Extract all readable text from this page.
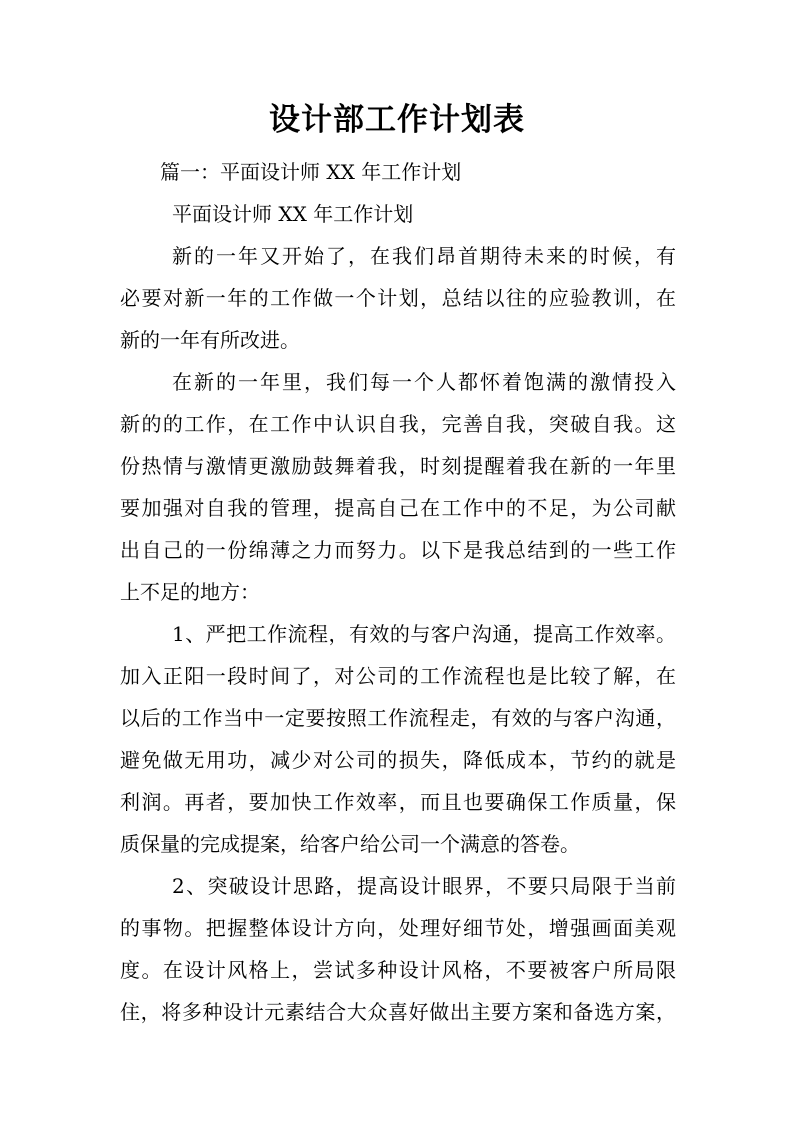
设计部工作计划表

篇一：平面设计师 XX 年工作计划

平面设计师 XX 年工作计划

新的一年又开始了，在我们昂首期待未来的时候，有

必要对新一年的工作做一个计划，总结以往的应验教训，在

新的一年有所改进。

在新的一年里，我们每一个人都怀着饱满的激情投入

新的的工作，在工作中认识自我，完善自我，突破自我。这

份热情与激情更激励鼓舞着我，时刻提醒着我在新的一年里

要加强对自我的管理，提高自己在工作中的不足，为公司献

出自己的一份绵薄之力而努力。以下是我总结到的一些工作

上不足的地方：

1、严把工作流程，有效的与客户沟通，提高工作效率。

加入正阳一段时间了，对公司的工作流程也是比较了解，在

以后的工作当中一定要按照工作流程走，有效的与客户沟通，

避免做无用功，减少对公司的损失，降低成本，节约的就是

利润。再者，要加快工作效率，而且也要确保工作质量，保

质保量的完成提案，给客户给公司一个满意的答卷。

2、突破设计思路，提高设计眼界，不要只局限于当前

的事物。把握整体设计方向，处理好细节处，增强画面美观

度。在设计风格上，尝试多种设计风格，不要被客户所局限

住，将多种设计元素结合大众喜好做出主要方案和备选方案，
